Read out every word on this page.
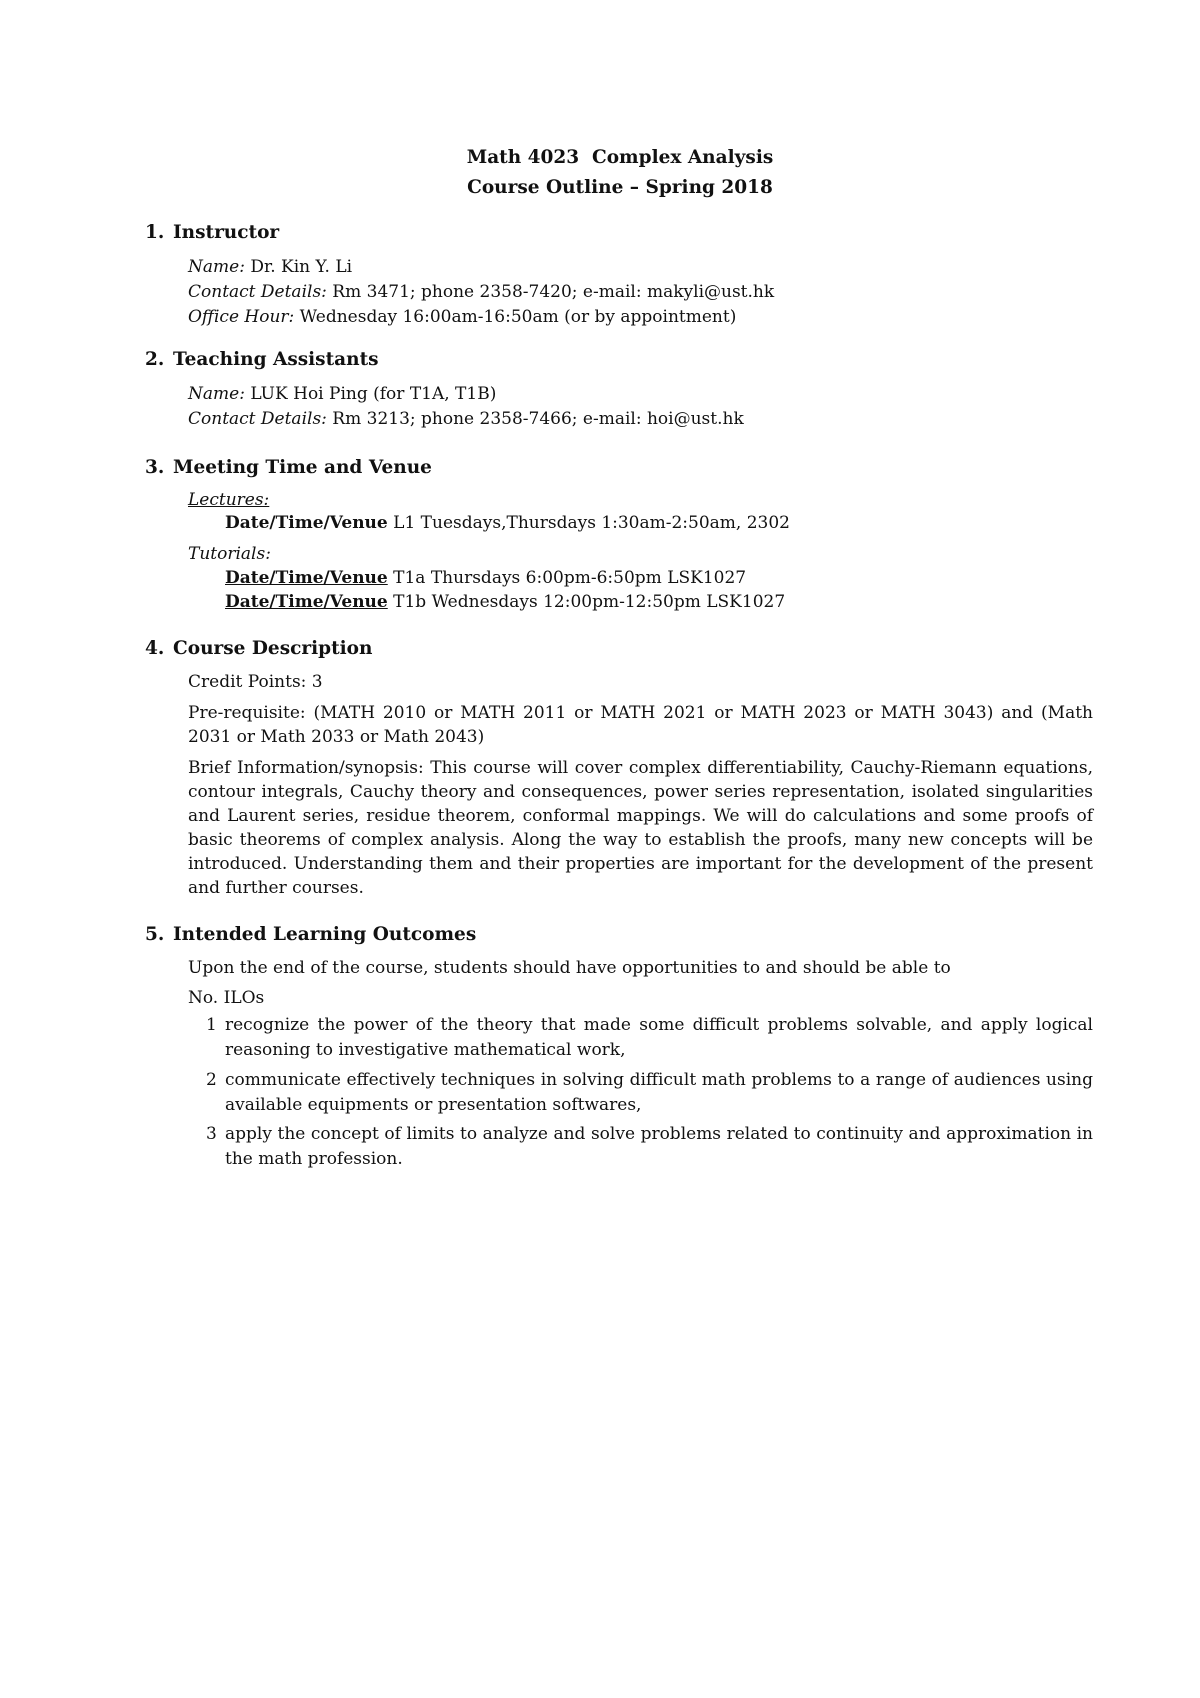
Math 4023  Complex Analysis
Course Outline – Spring 2018
1. Instructor
Name: Dr. Kin Y. Li
Contact Details: Rm 3471; phone 2358-7420; e-mail: makyli@ust.hk
Office Hour: Wednesday 16:00am-16:50am (or by appointment)
2. Teaching Assistants
Name: LUK Hoi Ping (for T1A, T1B)
Contact Details: Rm 3213; phone 2358-7466; e-mail: hoi@ust.hk
3. Meeting Time and Venue
Lectures:
Date/Time/Venue L1 Tuesdays,Thursdays 1:30am-2:50am, 2302
Tutorials:
Date/Time/Venue T1a Thursdays 6:00pm-6:50pm LSK1027
Date/Time/Venue T1b Wednesdays 12:00pm-12:50pm LSK1027
4. Course Description
Credit Points: 3
Pre-requisite: (MATH 2010 or MATH 2011 or MATH 2021 or MATH 2023 or MATH 3043) and (Math 2031 or Math 2033 or Math 2043)
Brief Information/synopsis: This course will cover complex differentiability, Cauchy-Riemann equations, contour integrals, Cauchy theory and consequences, power series representation, isolated singularities and Laurent series, residue theorem, conformal mappings. We will do calculations and some proofs of basic theorems of complex analysis. Along the way to establish the proofs, many new concepts will be introduced. Understanding them and their properties are important for the development of the present and further courses.
5. Intended Learning Outcomes
Upon the end of the course, students should have opportunities to and should be able to
No. ILOs
1 recognize the power of the theory that made some difficult problems solvable, and apply logical reasoning to investigative mathematical work,
2 communicate effectively techniques in solving difficult math problems to a range of audiences using available equipments or presentation softwares,
3 apply the concept of limits to analyze and solve problems related to continuity and approximation in the math profession.
